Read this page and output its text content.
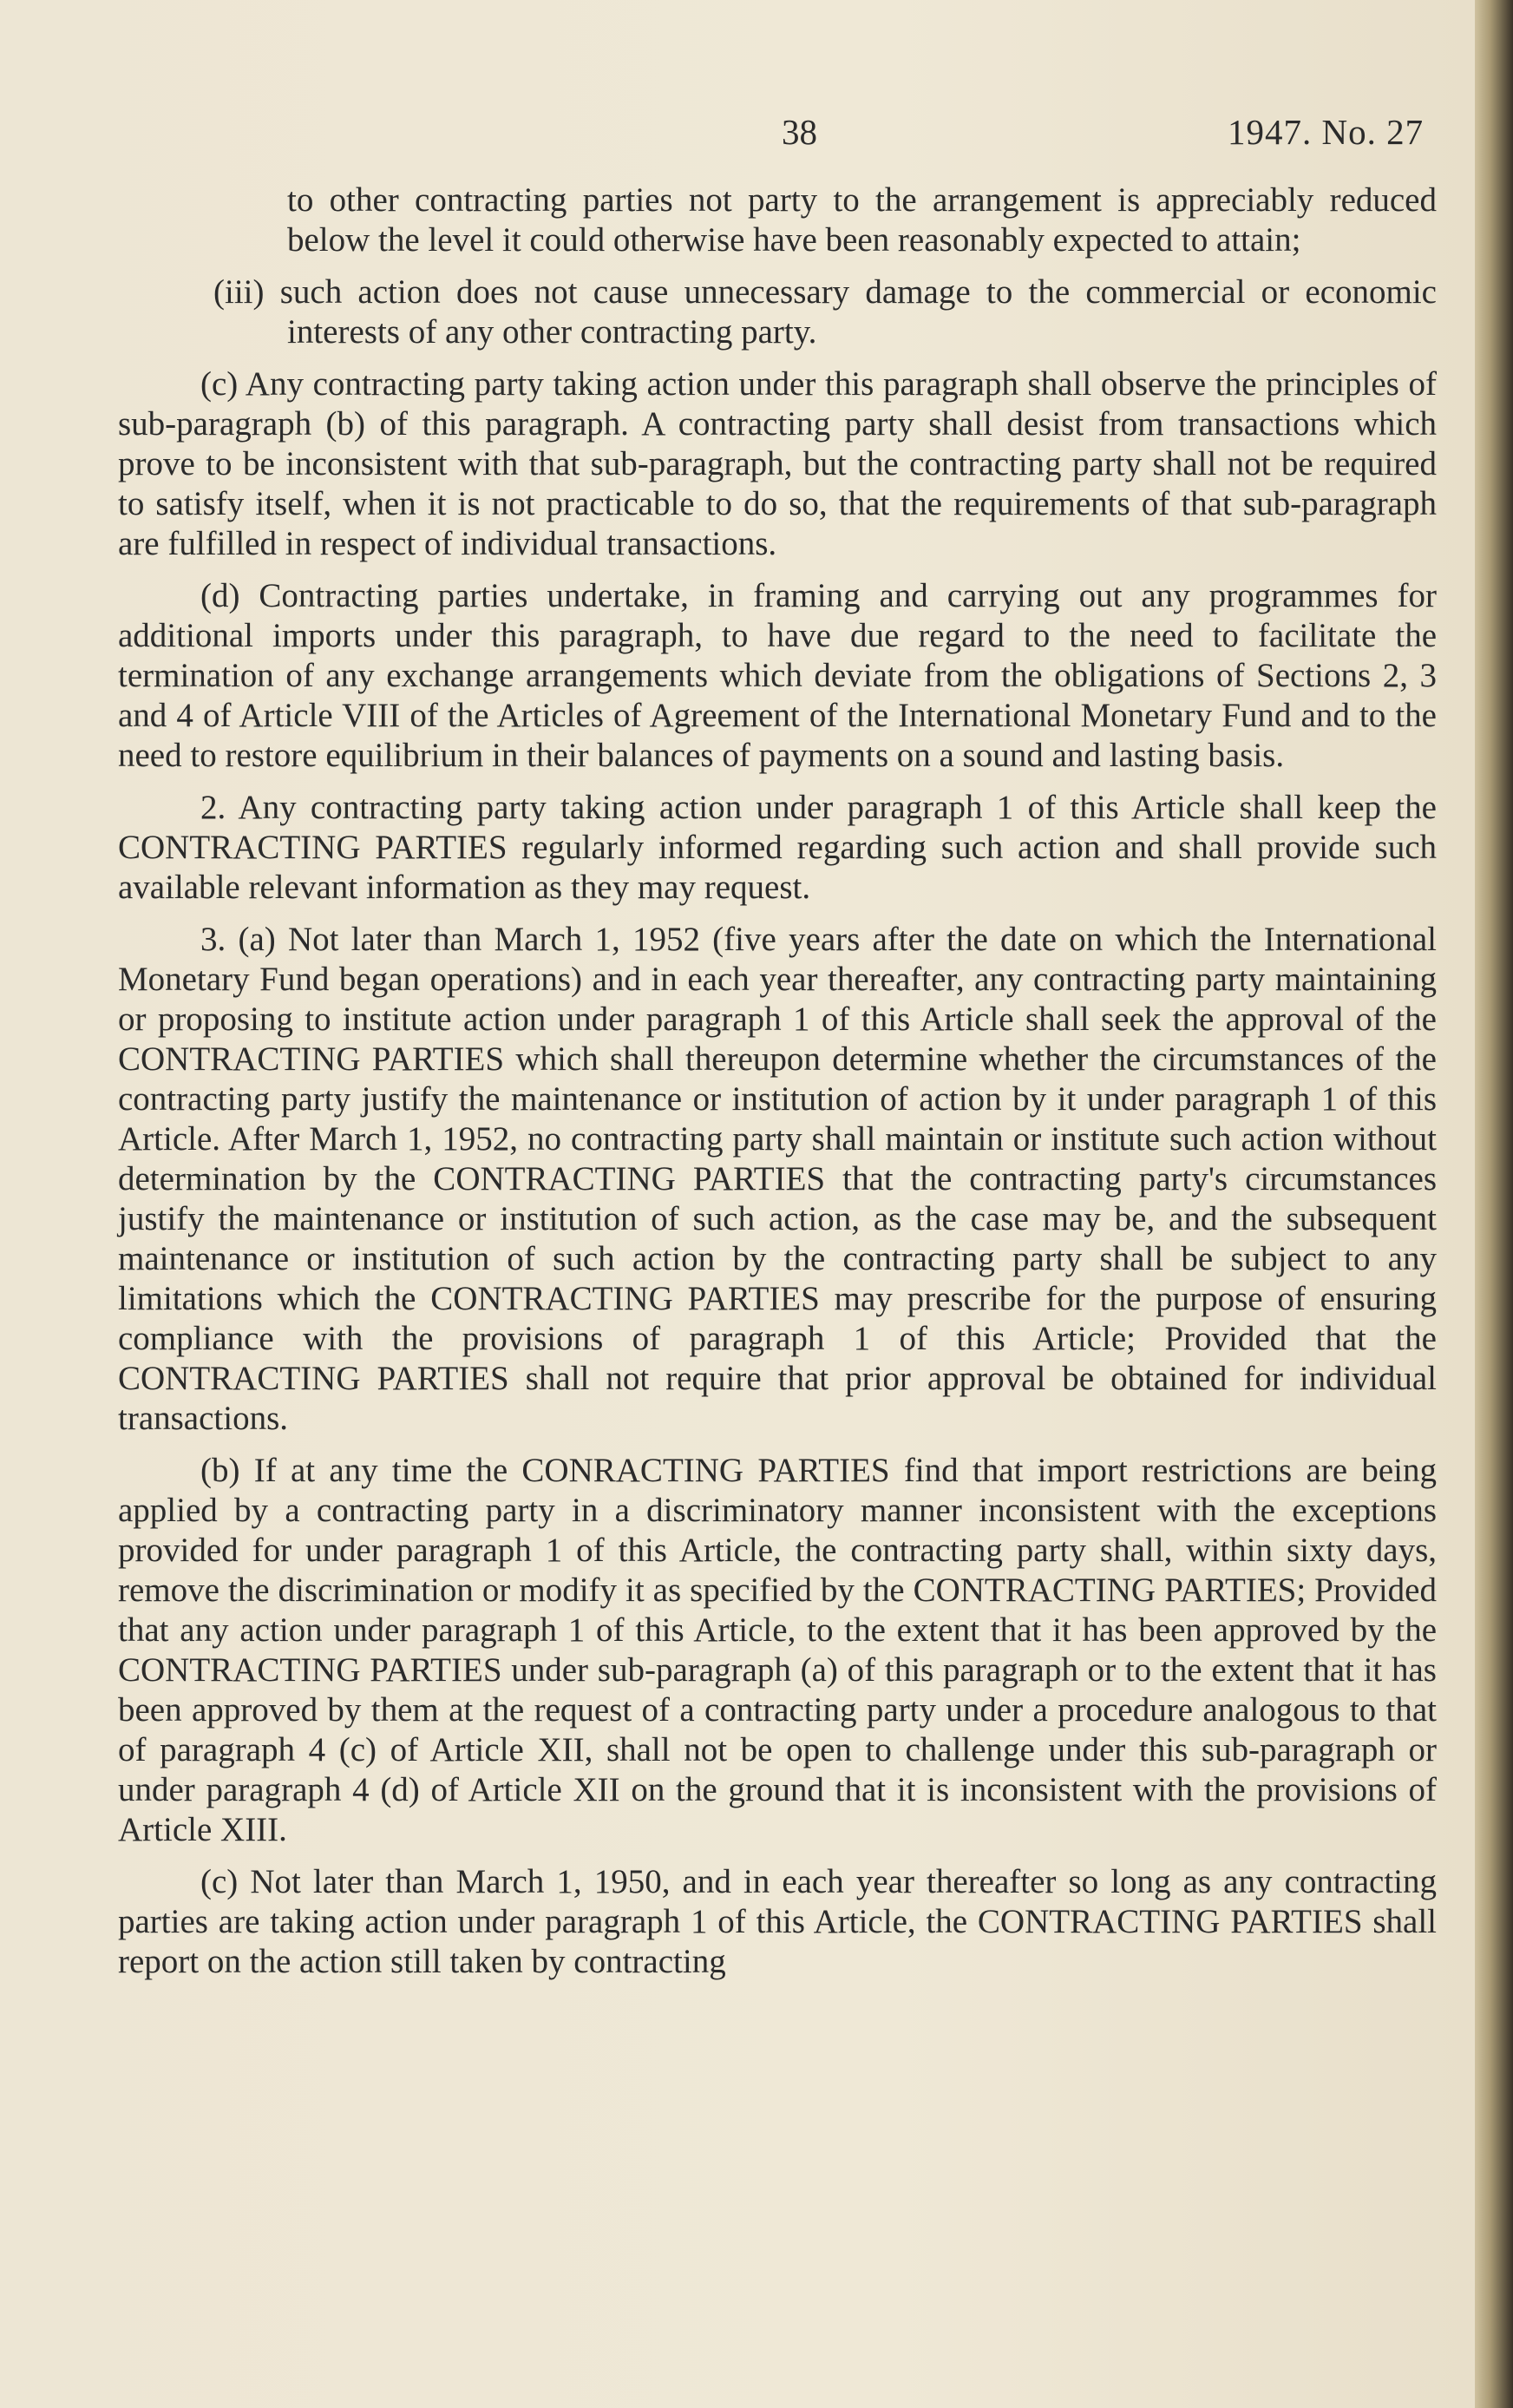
38	1947. No. 27

to other contracting parties not party to the arrangement is appreciably reduced below the level it could otherwise have been reasonably expected to attain;

(iii) such action does not cause unnecessary damage to the commercial or economic interests of any other contracting party.

(c) Any contracting party taking action under this paragraph shall observe the principles of sub-paragraph (b) of this paragraph. A contracting party shall desist from transactions which prove to be inconsistent with that sub-paragraph, but the contracting party shall not be required to satisfy itself, when it is not practicable to do so, that the requirements of that sub-paragraph are fulfilled in respect of individual transactions.

(d) Contracting parties undertake, in framing and carrying out any programmes for additional imports under this paragraph, to have due regard to the need to facilitate the termination of any exchange arrangements which deviate from the obligations of Sections 2, 3 and 4 of Article VIII of the Articles of Agreement of the International Monetary Fund and to the need to restore equilibrium in their balances of payments on a sound and lasting basis.

2. Any contracting party taking action under paragraph 1 of this Article shall keep the CONTRACTING PARTIES regularly informed regarding such action and shall provide such available relevant information as they may request.

3. (a) Not later than March 1, 1952 (five years after the date on which the International Monetary Fund began operations) and in each year thereafter, any contracting party maintaining or proposing to institute action under paragraph 1 of this Article shall seek the approval of the CONTRACTING PARTIES which shall thereupon determine whether the circumstances of the contracting party justify the maintenance or institution of action by it under paragraph 1 of this Article. After March 1, 1952, no contracting party shall maintain or institute such action without determination by the CONTRACTING PARTIES that the contracting party's circumstances justify the maintenance or institution of such action, as the case may be, and the subsequent maintenance or institution of such action by the contracting party shall be subject to any limitations which the CONTRACTING PARTIES may prescribe for the purpose of ensuring compliance with the provisions of paragraph 1 of this Article; Provided that the CONTRACTING PARTIES shall not require that prior approval be obtained for individual transactions.

(b) If at any time the CONRACTING PARTIES find that import restrictions are being applied by a contracting party in a discriminatory manner inconsistent with the exceptions provided for under paragraph 1 of this Article, the contracting party shall, within sixty days, remove the discrimination or modify it as specified by the CONTRACTING PARTIES; Provided that any action under paragraph 1 of this Article, to the extent that it has been approved by the CONTRACTING PARTIES under sub-paragraph (a) of this paragraph or to the extent that it has been approved by them at the request of a contracting party under a procedure analogous to that of paragraph 4 (c) of Article XII, shall not be open to challenge under this sub-paragraph or under paragraph 4 (d) of Article XII on the ground that it is inconsistent with the provisions of Article XIII.

(c) Not later than March 1, 1950, and in each year thereafter so long as any contracting parties are taking action under paragraph 1 of this Article, the CONTRACTING PARTIES shall report on the action still taken by contracting
